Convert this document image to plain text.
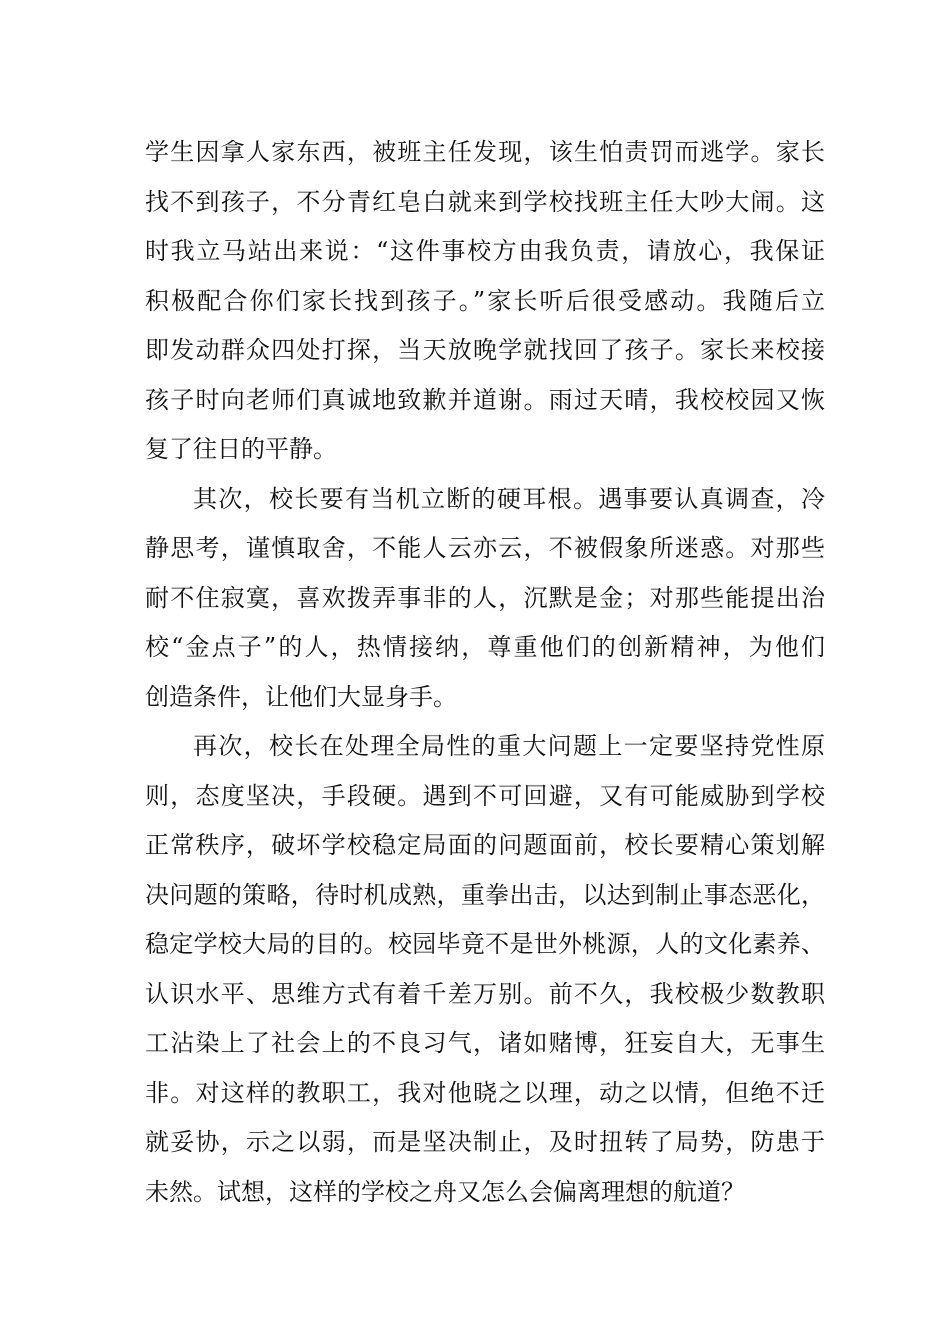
学生因拿人家东西，被班主任发现，该生怕责罚而逃学。家长
找不到孩子，不分青红皂白就来到学校找班主任大吵大闹。这
时我立马站出来说：“这件事校方由我负责，请放心，我保证
积极配合你们家长找到孩子。”家长听后很受感动。我随后立
即发动群众四处打探，当天放晚学就找回了孩子。家长来校接
孩子时向老师们真诚地致歉并道谢。雨过天晴，我校校园又恢
复了往日的平静。
其次，校长要有当机立断的硬耳根。遇事要认真调查，冷
静思考，谨慎取舍，不能人云亦云，不被假象所迷惑。对那些
耐不住寂寞，喜欢拨弄事非的人，沉默是金；对那些能提出治
校“金点子”的人，热情接纳，尊重他们的创新精神，为他们
创造条件，让他们大显身手。
再次，校长在处理全局性的重大问题上一定要坚持党性原
则，态度坚决，手段硬。遇到不可回避，又有可能威胁到学校
正常秩序，破坏学校稳定局面的问题面前，校长要精心策划解
决问题的策略，待时机成熟，重拳出击，以达到制止事态恶化，
稳定学校大局的目的。校园毕竟不是世外桃源，人的文化素养、
认识水平、思维方式有着千差万别。前不久，我校极少数教职
工沾染上了社会上的不良习气，诸如赌博，狂妄自大，无事生
非。对这样的教职工，我对他晓之以理，动之以情，但绝不迁
就妥协，示之以弱，而是坚决制止，及时扭转了局势，防患于
未然。试想，这样的学校之舟又怎么会偏离理想的航道？
